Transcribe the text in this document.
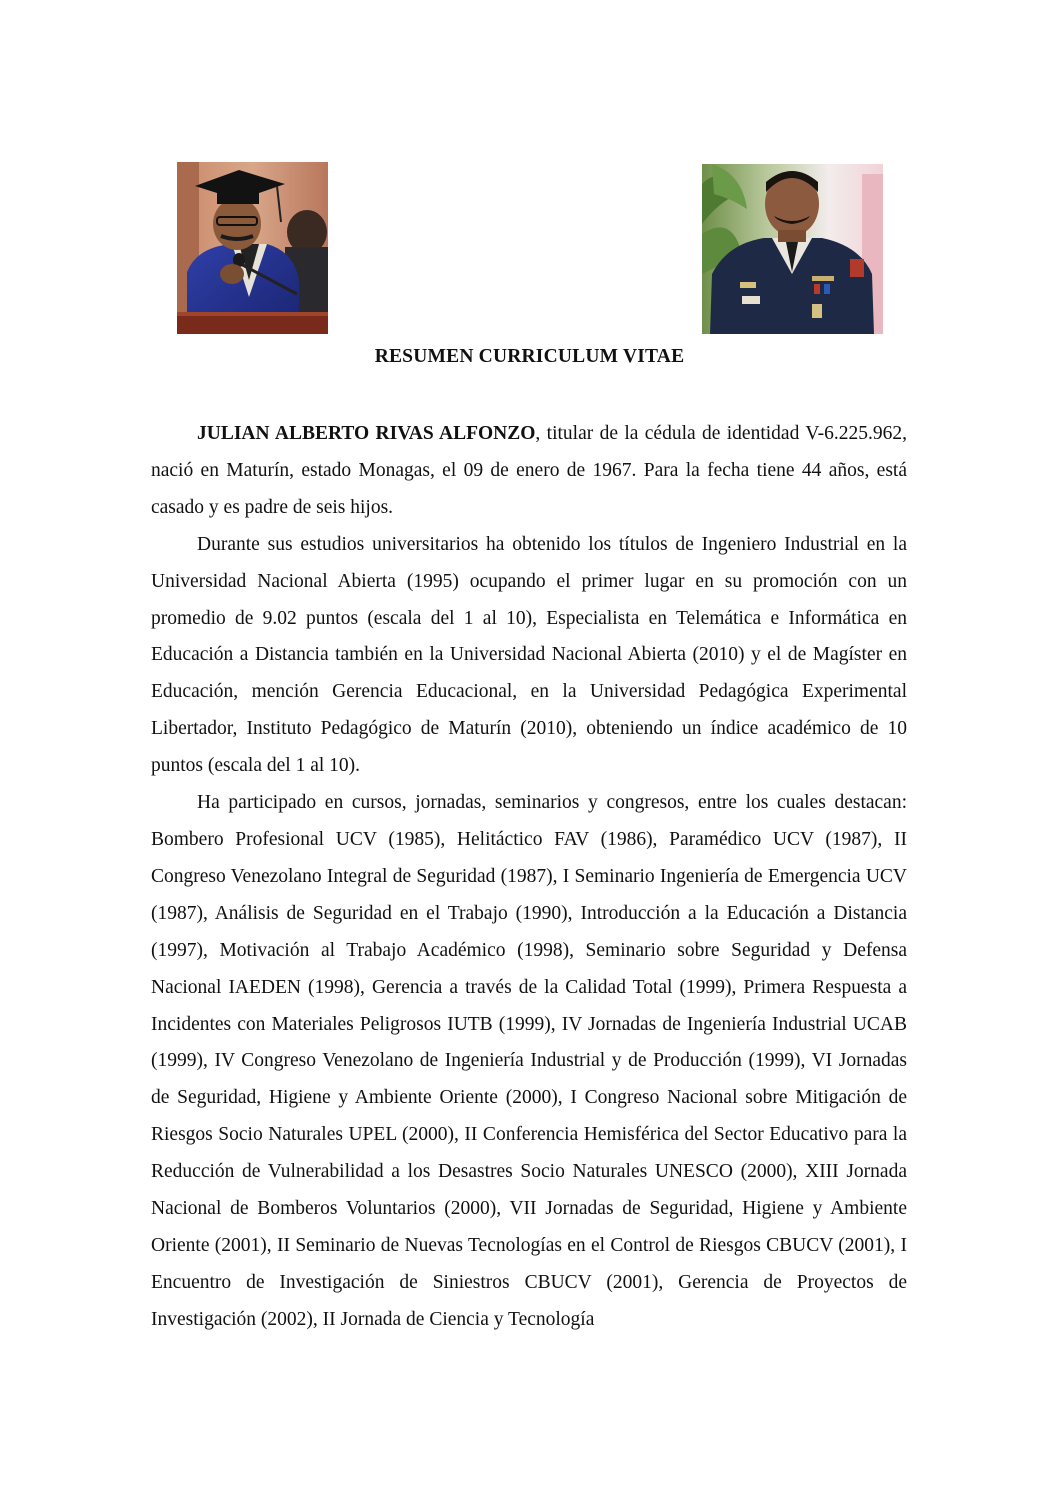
RESUMEN CURRICULUM VITAE

JULIAN ALBERTO RIVAS ALFONZO, titular de la cédula de identidad V-6.225.962, nació en Maturín, estado Monagas, el 09 de enero de 1967. Para la fecha tiene 44 años, está casado y es padre de seis hijos.

Durante sus estudios universitarios ha obtenido los títulos de Ingeniero Industrial en la Universidad Nacional Abierta (1995) ocupando el primer lugar en su promoción con un promedio de 9.02 puntos (escala del 1 al 10), Especialista en Telemática e Informática en Educación a Distancia también en la Universidad Nacional Abierta (2010) y el de Magíster en Educación, mención Gerencia Educacional, en la Universidad Pedagógica Experimental Libertador, Instituto Pedagógico de Maturín (2010), obteniendo un índice académico de 10 puntos (escala del 1 al 10).

Ha participado en cursos, jornadas, seminarios y congresos, entre los cuales destacan: Bombero Profesional UCV (1985), Helitáctico FAV (1986), Paramédico UCV (1987), II Congreso Venezolano Integral de Seguridad (1987), I Seminario Ingeniería de Emergencia UCV (1987), Análisis de Seguridad en el Trabajo (1990), Introducción a la Educación a Distancia (1997), Motivación al Trabajo Académico (1998), Seminario sobre Seguridad y Defensa Nacional IAEDEN (1998), Gerencia a través de la Calidad Total (1999), Primera Respuesta a Incidentes con Materiales Peligrosos IUTB (1999), IV Jornadas de Ingeniería Industrial UCAB (1999), IV Congreso Venezolano de Ingeniería Industrial y de Producción (1999), VI Jornadas de Seguridad, Higiene y Ambiente Oriente (2000), I Congreso Nacional sobre Mitigación de Riesgos Socio Naturales UPEL (2000), II Conferencia Hemisférica del Sector Educativo para la Reducción de Vulnerabilidad a los Desastres Socio Naturales UNESCO (2000), XIII Jornada Nacional de Bomberos Voluntarios (2000), VII Jornadas de Seguridad, Higiene y Ambiente Oriente (2001), II Seminario de Nuevas Tecnologías en el Control de Riesgos CBUCV (2001), I Encuentro de Investigación de Siniestros CBUCV (2001), Gerencia de Proyectos de Investigación (2002), II Jornada de Ciencia y Tecnología
